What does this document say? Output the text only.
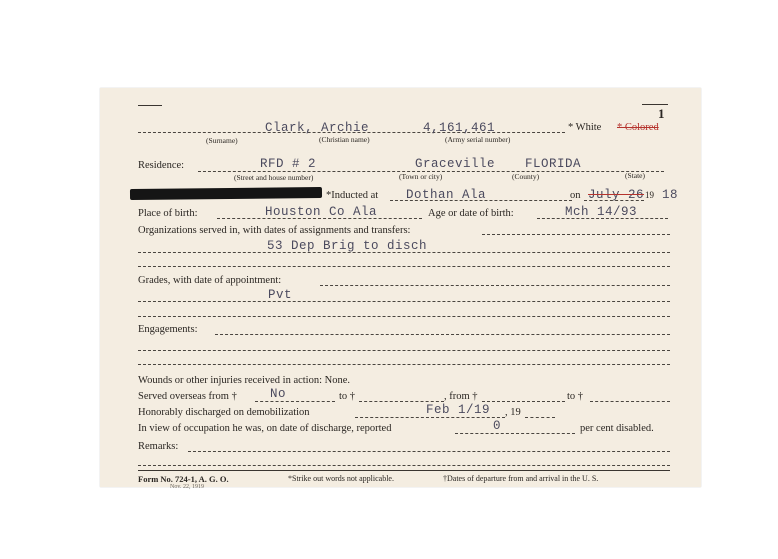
1
Clark, Archie	4,161,461	* White * Colored
(Surname)	(Christian name)	(Army serial number)
Residence:	RFD # 2	Graceville FLORIDA
(Street and house number)	(Town or city)	(County)	(State)
*Inducted at Dothan Ala	on July 26 19 18
Place of birth:	Houston Co Ala	Age or date of birth:	Mch 14/93
Organizations served in, with dates of assignments and transfers:
53 Dep Brig to disch
Grades, with date of appointment:
Pvt
Engagements:
Wounds or other injuries received in action: None.
Served overseas from †	No	to †	, from †	to †
Honorably discharged on demobilization	Feb 1/19 , 19
In view of occupation he was, on date of discharge, reported	0	per cent disabled.
Remarks:
Form No. 724-1, A. G. O.
Nov. 22, 1919
*Strike out words not applicable.	†Dates of departure from and arrival in the U. S.
